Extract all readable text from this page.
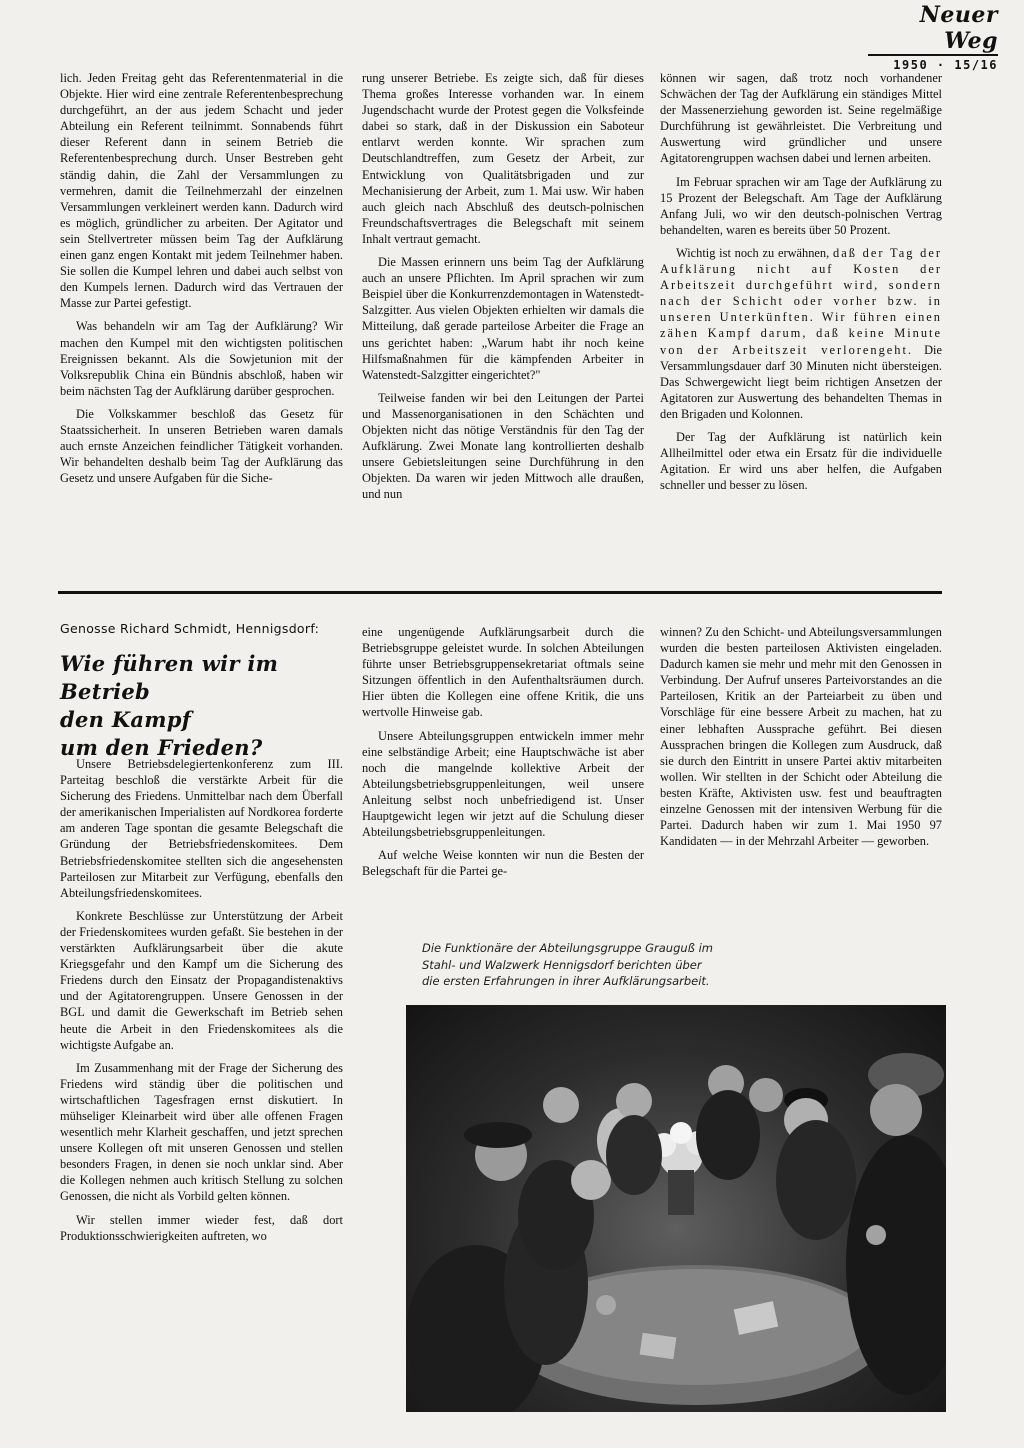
Neuer Weg
1950 · 15/16

lich. Jeden Freitag geht das Referentenmaterial in die Objekte. Hier wird eine zentrale Referentenbesprechung durchgeführt, an der aus jedem Schacht und jeder Abteilung ein Referent teilnimmt. Sonnabends führt dieser Referent dann in seinem Betrieb die Referentenbesprechung durch. Unser Bestreben geht ständig dahin, die Zahl der Versammlungen zu vermehren, damit die Teilnehmerzahl der einzelnen Versammlungen verkleinert werden kann. Dadurch wird es möglich, gründlicher zu arbeiten. Der Agitator und sein Stellvertreter müssen beim Tag der Aufklärung einen ganz engen Kontakt mit jedem Teilnehmer haben. Sie sollen die Kumpel lehren und dabei auch selbst von den Kumpels lernen. Dadurch wird das Vertrauen der Masse zur Partei gefestigt.

Was behandeln wir am Tag der Aufklärung? Wir machen den Kumpel mit den wichtigsten politischen Ereignissen bekannt. Als die Sowjetunion mit der Volksrepublik China ein Bündnis abschloß, haben wir beim nächsten Tag der Aufklärung darüber gesprochen.

Die Volkskammer beschloß das Gesetz für Staatssicherheit. In unseren Betrieben waren damals auch ernste Anzeichen feindlicher Tätigkeit vorhanden. Wir behandelten deshalb beim Tag der Aufklärung das Gesetz und unsere Aufgaben für die Siche-

rung unserer Betriebe. Es zeigte sich, daß für dieses Thema großes Interesse vorhanden war. In einem Jugendschacht wurde der Protest gegen die Volksfeinde dabei so stark, daß in der Diskussion ein Saboteur entlarvt werden konnte. Wir sprachen zum Deutschlandtreffen, zum Gesetz der Arbeit, zur Entwicklung von Qualitätsbrigaden und zur Mechanisierung der Arbeit, zum 1. Mai usw. Wir haben auch gleich nach Abschluß des deutsch-polnischen Freundschaftsvertrages die Belegschaft mit seinem Inhalt vertraut gemacht.

Die Massen erinnern uns beim Tag der Aufklärung auch an unsere Pflichten. Im April sprachen wir zum Beispiel über die Konkurrenzdemontagen in Watenstedt-Salzgitter. Aus vielen Objekten erhielten wir damals die Mitteilung, daß gerade parteilose Arbeiter die Frage an uns gerichtet haben: „Warum habt ihr noch keine Hilfsmaßnahmen für die kämpfenden Arbeiter in Watenstedt-Salzgitter eingerichtet?"

Teilweise fanden wir bei den Leitungen der Partei und Massenorganisationen in den Schächten und Objekten nicht das nötige Verständnis für den Tag der Aufklärung. Zwei Monate lang kontrollierten deshalb unsere Gebietsleitungen seine Durchführung in den Objekten. Da waren wir jeden Mittwoch alle draußen, und nun

können wir sagen, daß trotz noch vorhandener Schwächen der Tag der Aufklärung ein ständiges Mittel der Massenerziehung geworden ist. Seine regelmäßige Durchführung ist gewährleistet. Die Verbreitung und Auswertung wird gründlicher und unsere Agitatorengruppen wachsen dabei und lernen arbeiten.

Im Februar sprachen wir am Tage der Aufklärung zu 15 Prozent der Belegschaft. Am Tage der Aufklärung Anfang Juli, wo wir den deutsch-polnischen Vertrag behandelten, waren es bereits über 50 Prozent.

Wichtig ist noch zu erwähnen, daß der Tag der Aufklärung nicht auf Kosten der Arbeitszeit durchgeführt wird, sondern nach der Schicht oder vorher bzw. in unseren Unterkünften. Wir führen einen zähen Kampf darum, daß keine Minute von der Arbeitszeit verlorengeht. Die Versammlungsdauer darf 30 Minuten nicht übersteigen. Das Schwergewicht liegt beim richtigen Ansetzen der Agitatoren zur Auswertung des behandelten Themas in den Brigaden und Kolonnen.

Der Tag der Aufklärung ist natürlich kein Allheilmittel oder etwa ein Ersatz für die individuelle Agitation. Er wird uns aber helfen, die Aufgaben schneller und besser zu lösen.

Genosse Richard Schmidt, Hennigsdorf:
Wie führen wir im Betrieb
den Kampf
um den Frieden?

Unsere Betriebsdelegiertenkonferenz zum III. Parteitag beschloß die verstärkte Arbeit für die Sicherung des Friedens. Unmittelbar nach dem Überfall der amerikanischen Imperialisten auf Nordkorea forderte am anderen Tage spontan die gesamte Belegschaft die Gründung der Betriebsfriedenskomitees. Dem Betriebsfriedenskomitee stellten sich die angesehensten Parteilosen zur Mitarbeit zur Verfügung, ebenfalls den Abteilungsfriedenskomitees.

Konkrete Beschlüsse zur Unterstützung der Arbeit der Friedenskomitees wurden gefaßt. Sie bestehen in der verstärkten Aufklärungsarbeit über die akute Kriegsgefahr und den Kampf um die Sicherung des Friedens durch den Einsatz der Propagandistenaktivs und der Agitatorengruppen. Unsere Genossen in der BGL und damit die Gewerkschaft im Betrieb sehen heute die Arbeit in den Friedenskomitees als die wichtigste Aufgabe an.

Im Zusammenhang mit der Frage der Sicherung des Friedens wird ständig über die politischen und wirtschaftlichen Tagesfragen ernst diskutiert. In mühseliger Kleinarbeit wird über alle offenen Fragen wesentlich mehr Klarheit geschaffen, und jetzt sprechen unsere Kollegen oft mit unseren Genossen und stellen besonders Fragen, in denen sie noch unklar sind. Aber die Kollegen nehmen auch kritisch Stellung zu solchen Genossen, die nicht als Vorbild gelten können.

Wir stellen immer wieder fest, daß dort Produktionsschwierigkeiten auftreten, wo

eine ungenügende Aufklärungsarbeit durch die Betriebsgruppe geleistet wurde. In solchen Abteilungen führte unser Betriebsgruppensekretariat oftmals seine Sitzungen öffentlich in den Aufenthaltsräumen durch. Hier übten die Kollegen eine offene Kritik, die uns wertvolle Hinweise gab.

Unsere Abteilungsgruppen entwickeln immer mehr eine selbständige Arbeit; eine Hauptschwäche ist aber noch die mangelnde kollektive Arbeit der Abteilungsbetriebsgruppenleitungen, weil unsere Anleitung selbst noch unbefriedigend ist. Unser Hauptgewicht legen wir jetzt auf die Schulung dieser Abteilungsbetriebsgruppenleitungen.

Auf welche Weise konnten wir nun die Besten der Belegschaft für die Partei ge-

winnen? Zu den Schicht- und Abteilungsversammlungen wurden die besten parteilosen Aktivisten eingeladen. Dadurch kamen sie mehr und mehr mit den Genossen in Verbindung. Der Aufruf unseres Parteivorstandes an die Parteilosen, Kritik an der Parteiarbeit zu üben und Vorschläge für eine bessere Arbeit zu machen, hat zu einer lebhaften Aussprache geführt. Bei diesen Aussprachen bringen die Kollegen zum Ausdruck, daß sie durch den Eintritt in unsere Partei aktiv mitarbeiten wollen. Wir stellten in der Schicht oder Abteilung die besten Kräfte, Aktivisten usw. fest und beauftragten einzelne Genossen mit der intensiven Werbung für die Partei. Dadurch haben wir zum 1. Mai 1950 97 Kandidaten — in der Mehrzahl Arbeiter — geworben.

Die Funktionäre der Abteilungsgruppe Grauguß im
Stahl- und Walzwerk Hennigsdorf berichten über
die ersten Erfahrungen in ihrer Aufklärungsarbeit.
